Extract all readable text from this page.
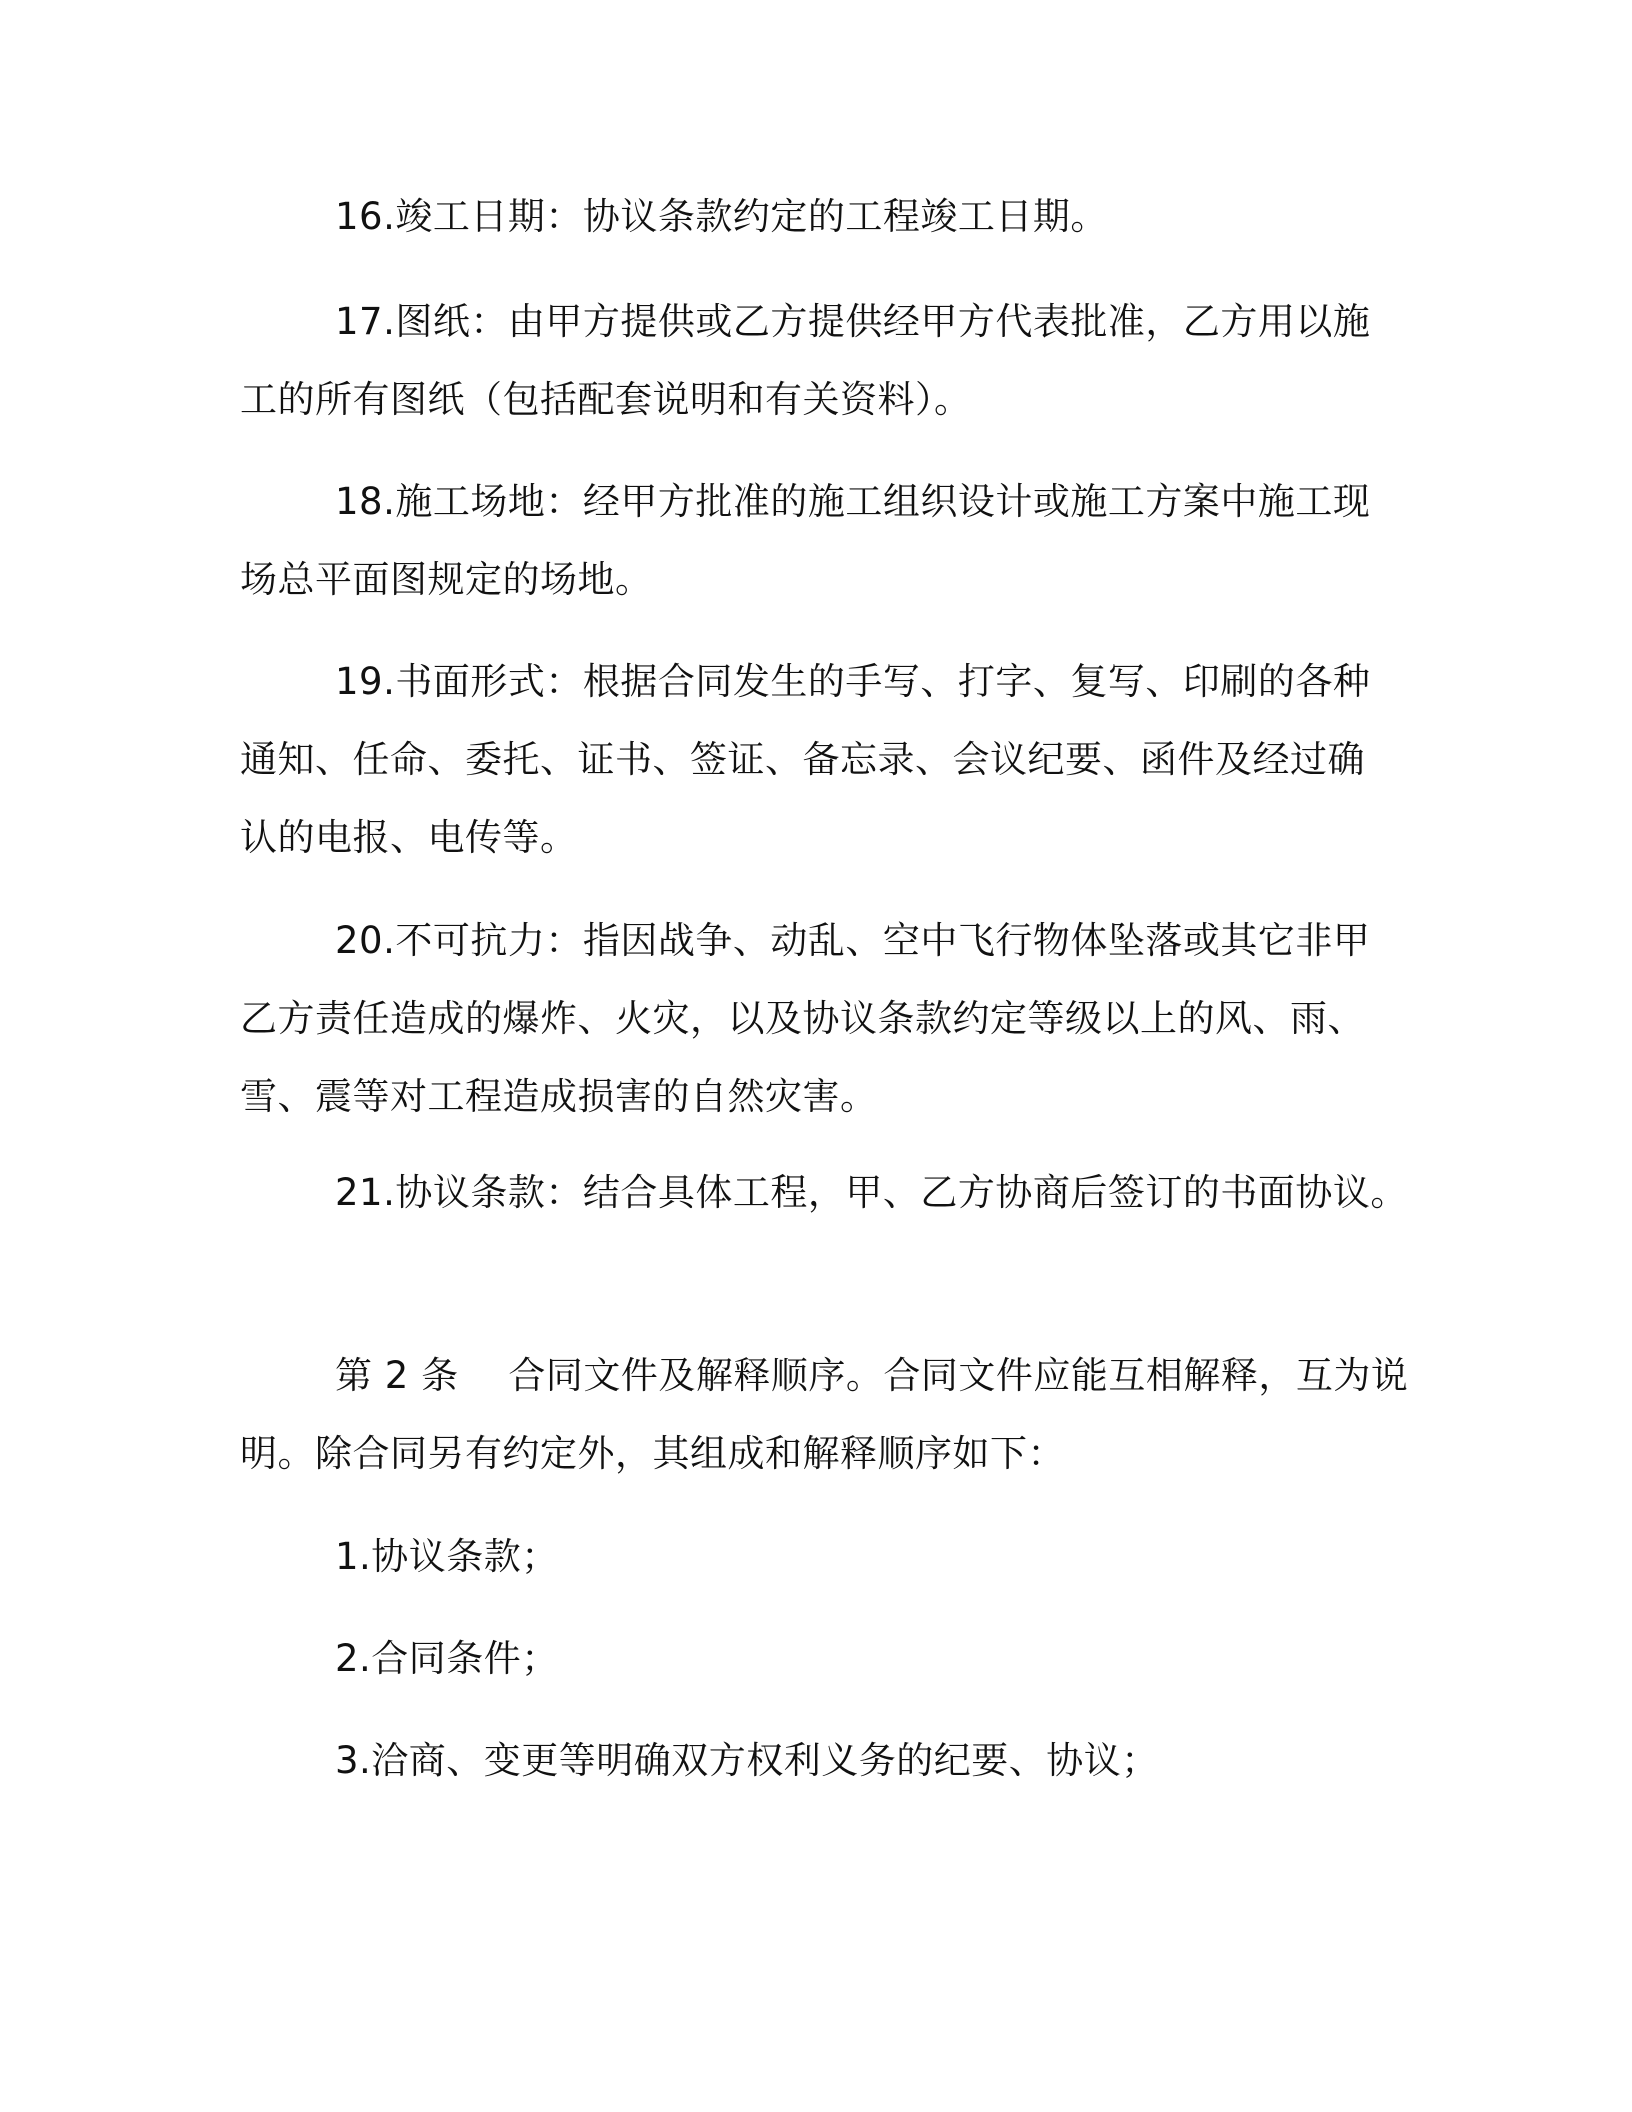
16.竣工日期：协议条款约定的工程竣工日期。
17.图纸：由甲方提供或乙方提供经甲方代表批准，乙方用以施
工的所有图纸（包括配套说明和有关资料）。
18.施工场地：经甲方批准的施工组织设计或施工方案中施工现
场总平面图规定的场地。
19.书面形式：根据合同发生的手写、打字、复写、印刷的各种
通知、任命、委托、证书、签证、备忘录、会议纪要、函件及经过确
认的电报、电传等。
20.不可抗力：指因战争、动乱、空中飞行物体坠落或其它非甲
乙方责任造成的爆炸、火灾，以及协议条款约定等级以上的风、雨、
雪、震等对工程造成损害的自然灾害。
21.协议条款：结合具体工程，甲、乙方协商后签订的书面协议。
第 2 条　 合同文件及解释顺序。合同文件应能互相解释，互为说
明。除合同另有约定外，其组成和解释顺序如下：
1.协议条款；
2.合同条件；
3.洽商、变更等明确双方权利义务的纪要、协议；
